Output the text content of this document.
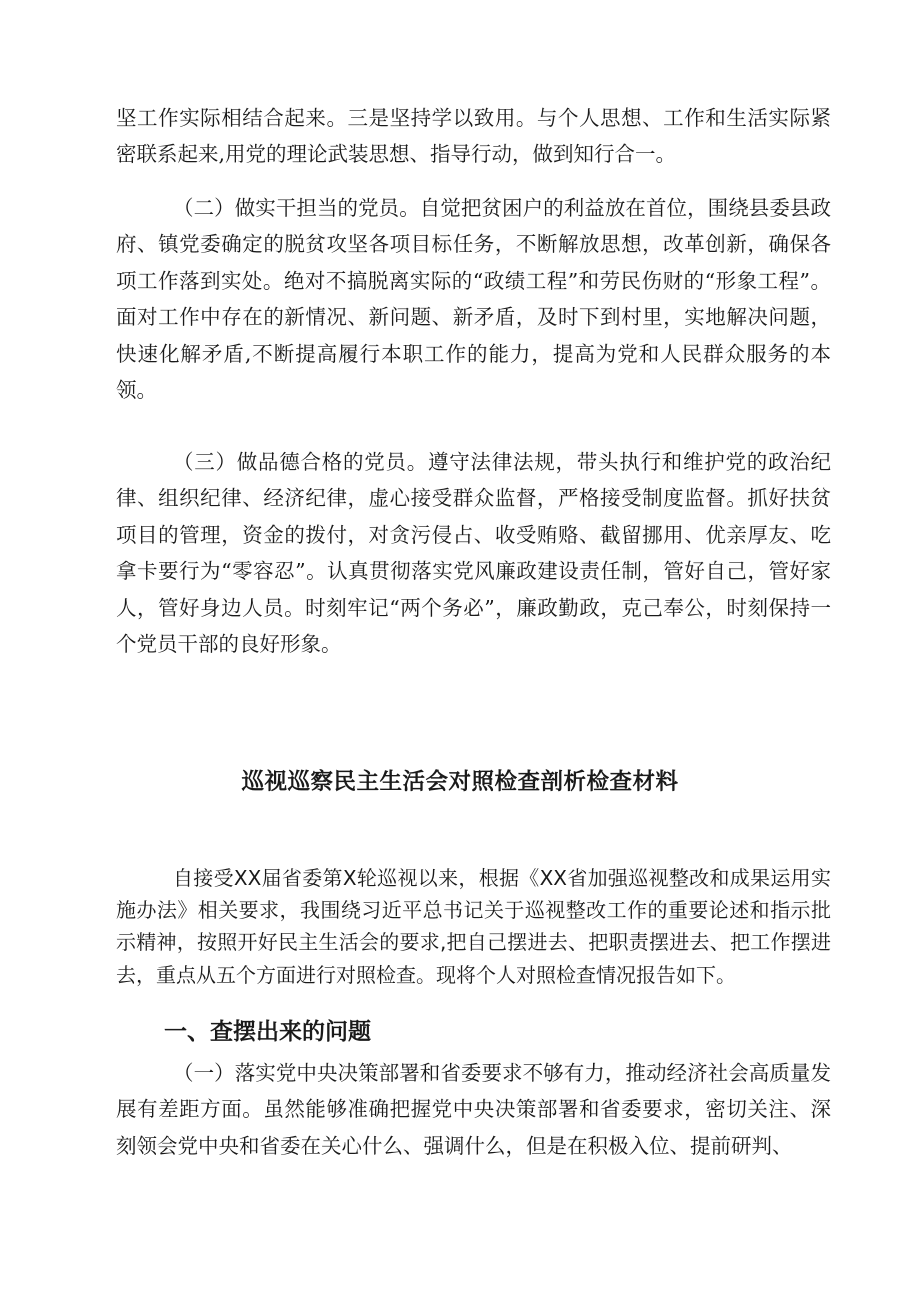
坚工作实际相结合起来。三是坚持学以致用。与个人思想、工作和生活实际紧密联系起来,用党的理论武装思想、指导行动，做到知行合一。

（二）做实干担当的党员。自觉把贫困户的利益放在首位，围绕县委县政府、镇党委确定的脱贫攻坚各项目标任务，不断解放思想，改革创新，确保各项工作落到实处。绝对不搞脱离实际的“政绩工程”和劳民伤财的“形象工程”。面对工作中存在的新情况、新问题、新矛盾，及时下到村里，实地解决问题，快速化解矛盾,不断提高履行本职工作的能力，提高为党和人民群众服务的本领。

（三）做品德合格的党员。遵守法律法规，带头执行和维护党的政治纪律、组织纪律、经济纪律，虚心接受群众监督，严格接受制度监督。抓好扶贫项目的管理，资金的拨付，对贪污侵占、收受贿赂、截留挪用、优亲厚友、吃拿卡要行为“零容忍”。认真贯彻落实党风廉政建设责任制，管好自己，管好家人，管好身边人员。时刻牢记“两个务必”，廉政勤政，克己奉公，时刻保持一个党员干部的良好形象。

巡视巡察民主生活会对照检查剖析检查材料

自接受XX届省委第X轮巡视以来，根据《XX省加强巡视整改和成果运用实施办法》相关要求，我围绕习近平总书记关于巡视整改工作的重要论述和指示批示精神，按照开好民主生活会的要求,把自己摆进去、把职责摆进去、把工作摆进去，重点从五个方面进行对照检查。现将个人对照检查情况报告如下。

一、查摆出来的问题

（一）落实党中央决策部署和省委要求不够有力，推动经济社会高质量发展有差距方面。虽然能够准确把握党中央决策部署和省委要求，密切关注、深刻领会党中央和省委在关心什么、强调什么，但是在积极入位、提前研判、
